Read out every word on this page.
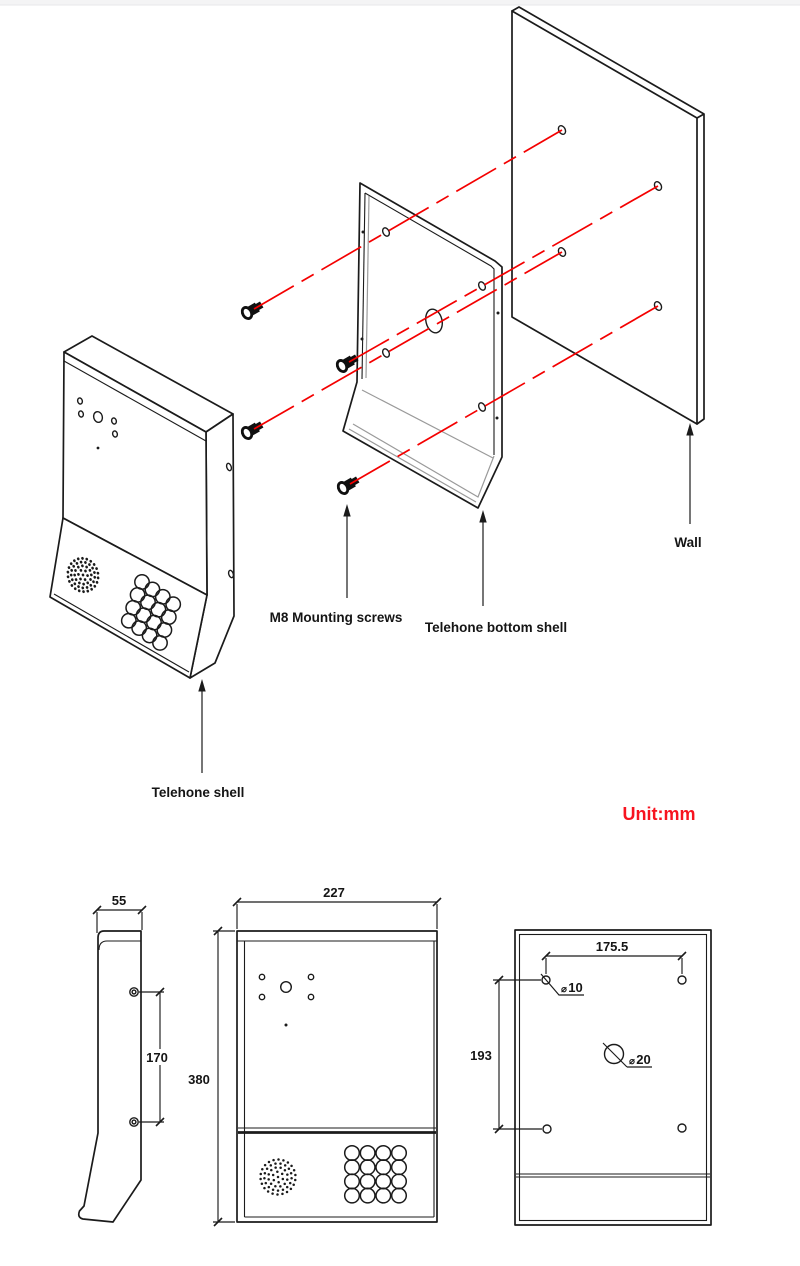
Wall
Telehone bottom shell
M8 Mounting screws
Telehone shell
Unit:mm
55
170
227
380
175.5
193
⌀ 10
⌀ 20
